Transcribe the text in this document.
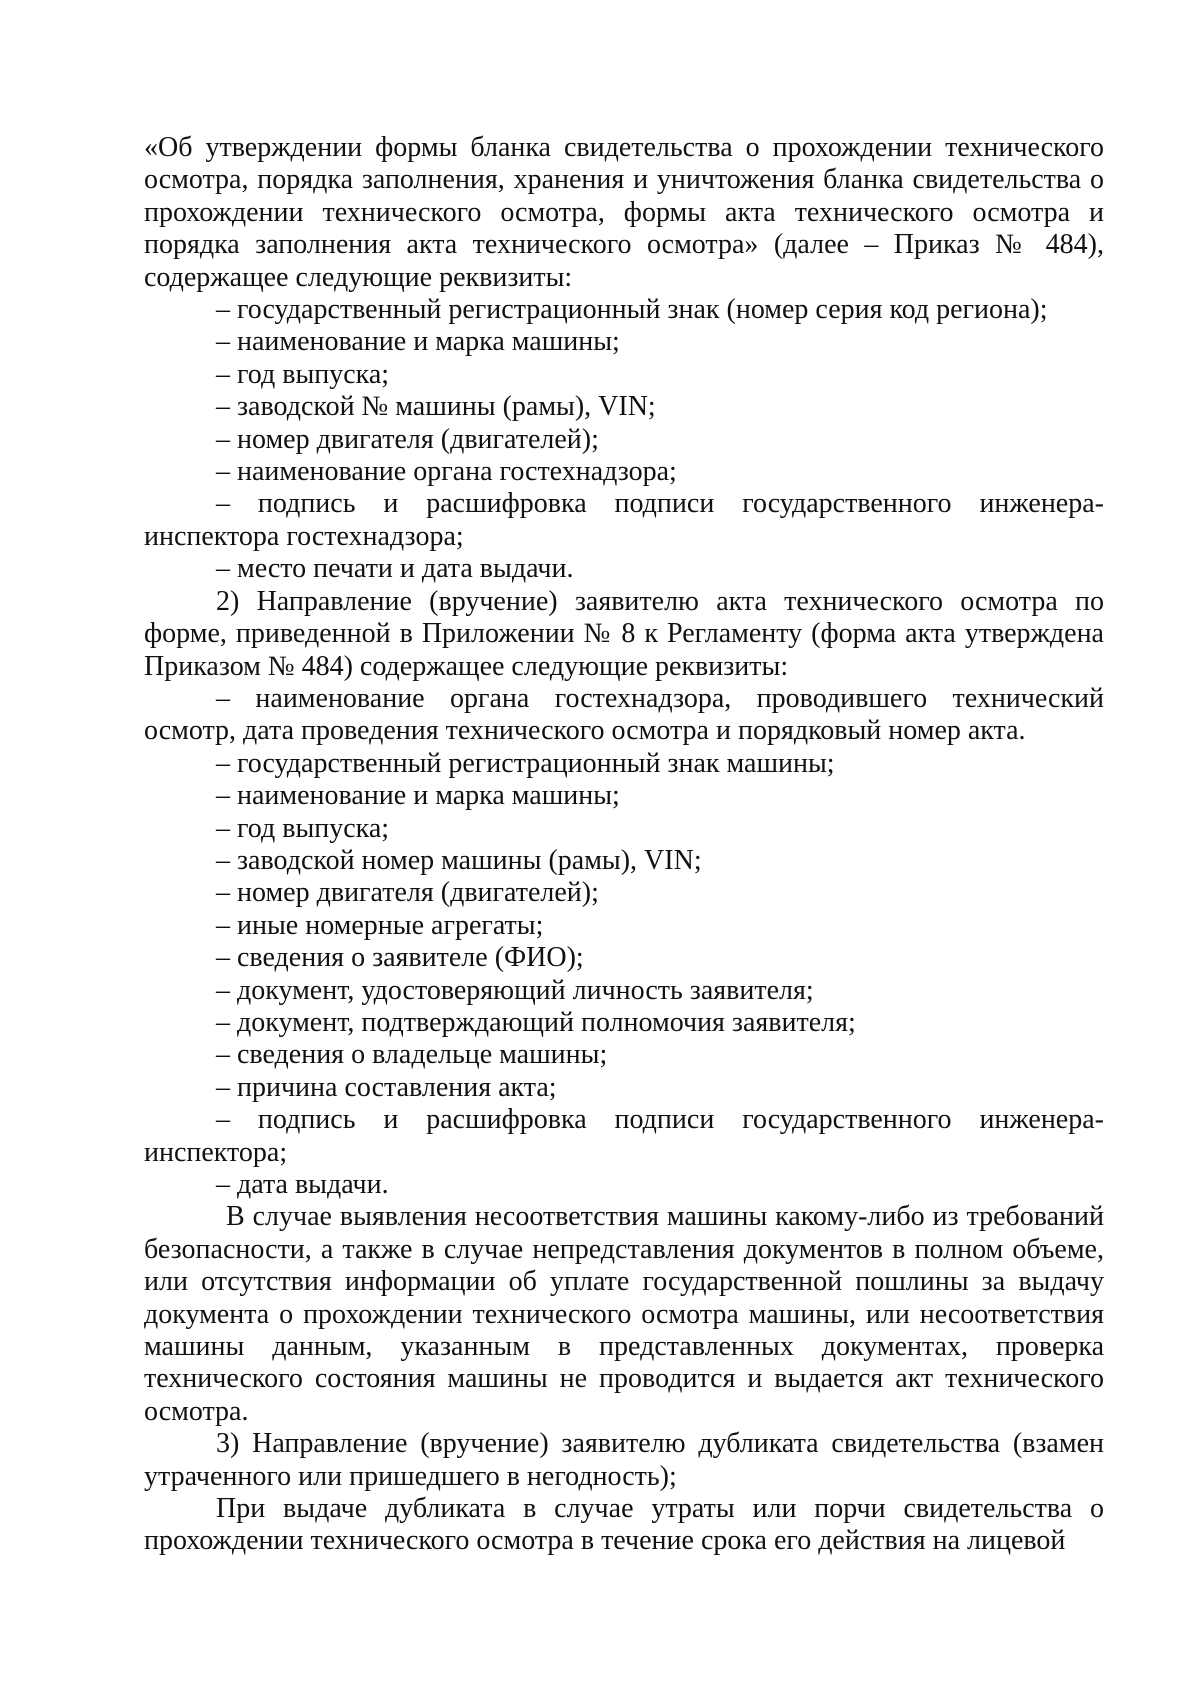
«Об утверждении формы бланка свидетельства о прохождении технического осмотра, порядка заполнения, хранения и уничтожения бланка свидетельства о прохождении технического осмотра, формы акта технического осмотра и порядка заполнения акта технического осмотра» (далее – Приказ № 484), содержащее следующие реквизиты:

– государственный регистрационный знак (номер серия код региона);

– наименование и марка машины;

– год выпуска;

– заводской № машины (рамы), VIN;

– номер двигателя (двигателей);

– наименование органа гостехнадзора;

– подпись и расшифровка подписи государственного инженера-инспектора гостехнадзора;

– место печати и дата выдачи.

2) Направление (вручение) заявителю акта технического осмотра по форме, приведенной в Приложении № 8 к Регламенту (форма акта утверждена Приказом № 484) содержащее следующие реквизиты:

– наименование органа гостехнадзора, проводившего технический осмотр, дата проведения технического осмотра и порядковый номер акта.

– государственный регистрационный знак машины;

– наименование и марка машины;

– год выпуска;

– заводской номер машины (рамы), VIN;

– номер двигателя (двигателей);

– иные номерные агрегаты;

– сведения о заявителе (ФИО);

– документ, удостоверяющий личность заявителя;

– документ, подтверждающий полномочия заявителя;

– сведения о владельце машины;

– причина составления акта;

– подпись и расшифровка подписи государственного инженера-инспектора;

– дата выдачи.

В случае выявления несоответствия машины какому-либо из требований безопасности, а также в случае непредставления документов в полном объеме, или отсутствия информации об уплате государственной пошлины за выдачу документа о прохождении технического осмотра машины, или несоответствия машины данным, указанным в представленных документах, проверка технического состояния машины не проводится и выдается акт технического осмотра.

3) Направление (вручение) заявителю дубликата свидетельства (взамен утраченного или пришедшего в негодность);

При выдаче дубликата в случае утраты или порчи свидетельства о прохождении технического осмотра в течение срока его действия на лицевой
